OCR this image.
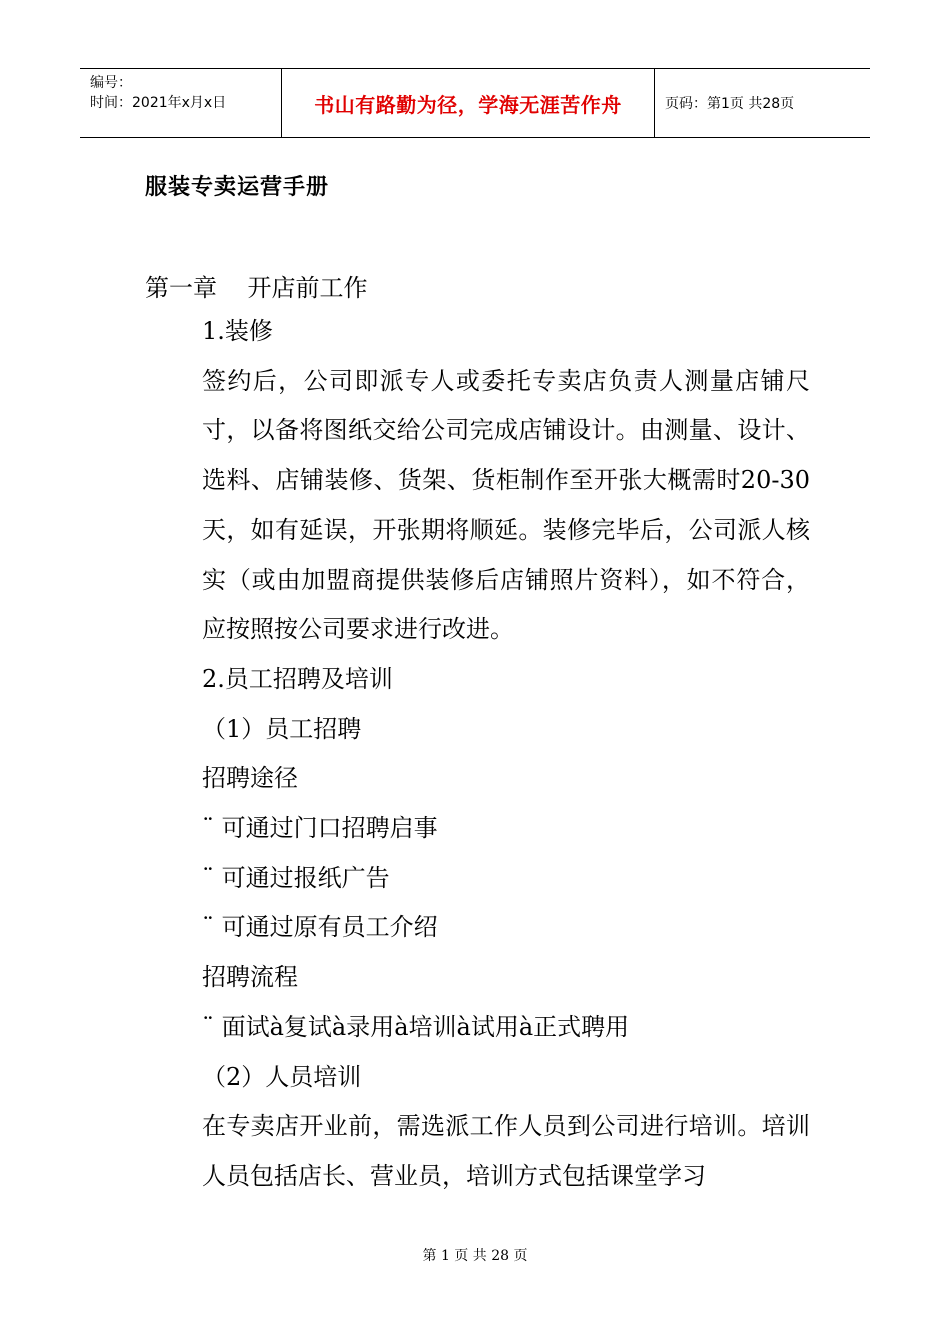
编号：
时间：2021年x月x日	书山有路勤为径，学海无涯苦作舟	页码：第1页 共28页
服装专卖运营手册
第一章    开店前工作

1.装修

签约后，公司即派专人或委托专卖店负责人测量店铺尺寸，以备将图纸交给公司完成店铺设计。由测量、设计、选料、店铺装修、货架、货柜制作至开张大概需时20-30天，如有延误，开张期将顺延。装修完毕后，公司派人核实（或由加盟商提供装修后店铺照片资料），如不符合，应按照按公司要求进行改进。

2.员工招聘及培训

（1）员工招聘

招聘途径

¨ 可通过门口招聘启事

¨ 可通过报纸广告

¨ 可通过原有员工介绍

招聘流程

¨ 面试à复试à录用à培训à试用à正式聘用

（2）人员培训

在专卖店开业前，需选派工作人员到公司进行培训。培训人员包括店长、营业员，培训方式包括课堂学习

第 1 页 共 28 页
